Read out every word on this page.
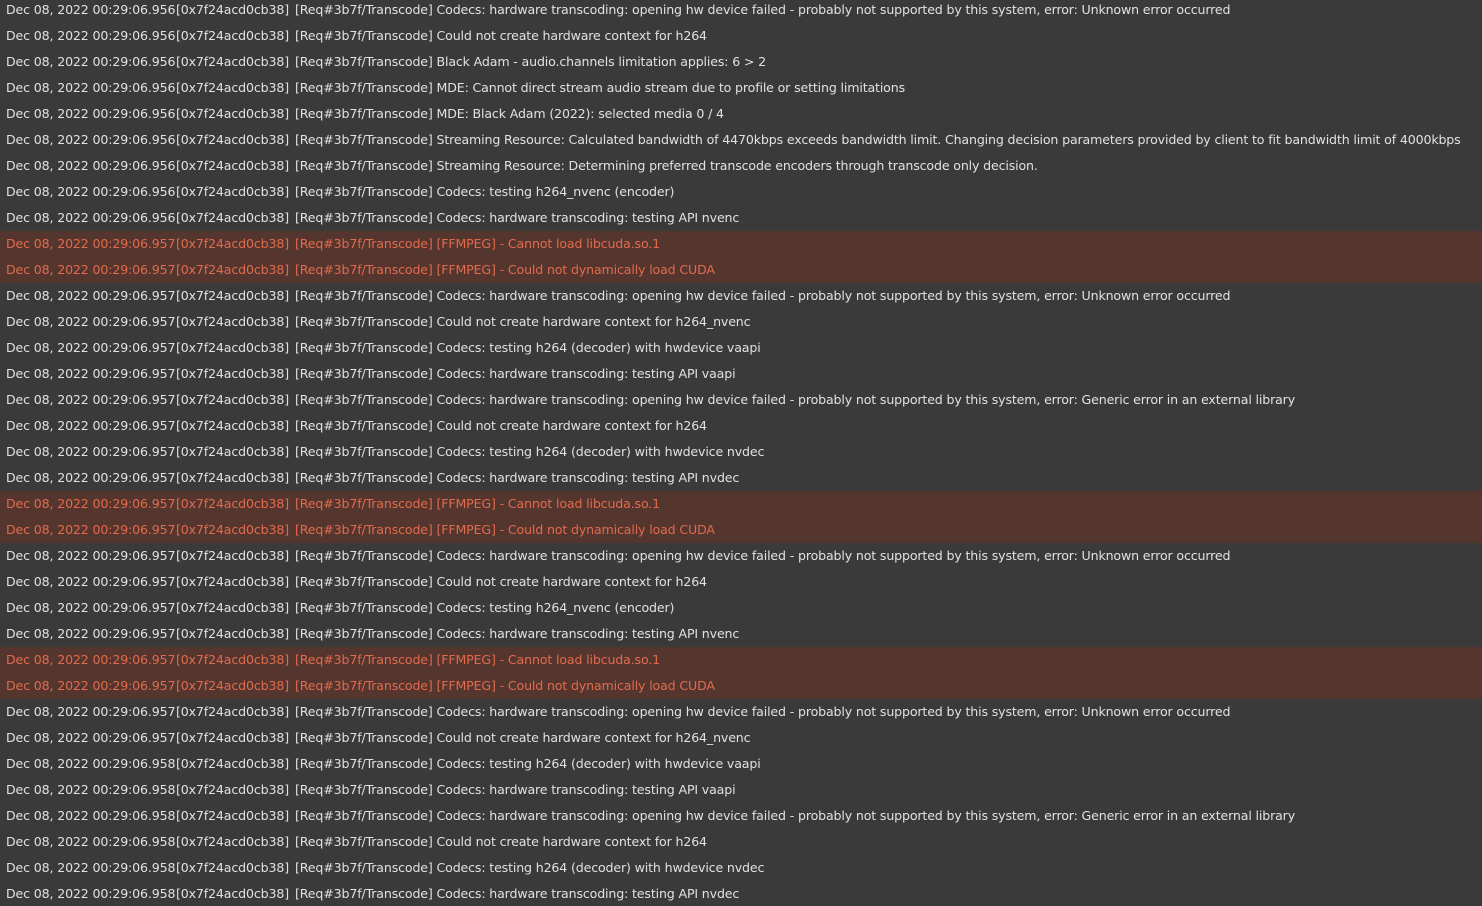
Dec 08, 2022 00:29:06.956 [0x7f24acd0cb38] [Req#3b7f/Transcode] Codecs: hardware transcoding: opening hw device failed - probably not supported by this system, error: Unknown error occurred
Dec 08, 2022 00:29:06.956 [0x7f24acd0cb38] [Req#3b7f/Transcode] Could not create hardware context for h264
Dec 08, 2022 00:29:06.956 [0x7f24acd0cb38] [Req#3b7f/Transcode] Black Adam - audio.channels limitation applies: 6 > 2
Dec 08, 2022 00:29:06.956 [0x7f24acd0cb38] [Req#3b7f/Transcode] MDE: Cannot direct stream audio stream due to profile or setting limitations
Dec 08, 2022 00:29:06.956 [0x7f24acd0cb38] [Req#3b7f/Transcode] MDE: Black Adam (2022): selected media 0 / 4
Dec 08, 2022 00:29:06.956 [0x7f24acd0cb38] [Req#3b7f/Transcode] Streaming Resource: Calculated bandwidth of 4470kbps exceeds bandwidth limit. Changing decision parameters provided by client to fit bandwidth limit of 4000kbps
Dec 08, 2022 00:29:06.956 [0x7f24acd0cb38] [Req#3b7f/Transcode] Streaming Resource: Determining preferred transcode encoders through transcode only decision.
Dec 08, 2022 00:29:06.956 [0x7f24acd0cb38] [Req#3b7f/Transcode] Codecs: testing h264_nvenc (encoder)
Dec 08, 2022 00:29:06.956 [0x7f24acd0cb38] [Req#3b7f/Transcode] Codecs: hardware transcoding: testing API nvenc
Dec 08, 2022 00:29:06.957 [0x7f24acd0cb38] [Req#3b7f/Transcode] [FFMPEG] - Cannot load libcuda.so.1
Dec 08, 2022 00:29:06.957 [0x7f24acd0cb38] [Req#3b7f/Transcode] [FFMPEG] - Could not dynamically load CUDA
Dec 08, 2022 00:29:06.957 [0x7f24acd0cb38] [Req#3b7f/Transcode] Codecs: hardware transcoding: opening hw device failed - probably not supported by this system, error: Unknown error occurred
Dec 08, 2022 00:29:06.957 [0x7f24acd0cb38] [Req#3b7f/Transcode] Could not create hardware context for h264_nvenc
Dec 08, 2022 00:29:06.957 [0x7f24acd0cb38] [Req#3b7f/Transcode] Codecs: testing h264 (decoder) with hwdevice vaapi
Dec 08, 2022 00:29:06.957 [0x7f24acd0cb38] [Req#3b7f/Transcode] Codecs: hardware transcoding: testing API vaapi
Dec 08, 2022 00:29:06.957 [0x7f24acd0cb38] [Req#3b7f/Transcode] Codecs: hardware transcoding: opening hw device failed - probably not supported by this system, error: Generic error in an external library
Dec 08, 2022 00:29:06.957 [0x7f24acd0cb38] [Req#3b7f/Transcode] Could not create hardware context for h264
Dec 08, 2022 00:29:06.957 [0x7f24acd0cb38] [Req#3b7f/Transcode] Codecs: testing h264 (decoder) with hwdevice nvdec
Dec 08, 2022 00:29:06.957 [0x7f24acd0cb38] [Req#3b7f/Transcode] Codecs: hardware transcoding: testing API nvdec
Dec 08, 2022 00:29:06.957 [0x7f24acd0cb38] [Req#3b7f/Transcode] [FFMPEG] - Cannot load libcuda.so.1
Dec 08, 2022 00:29:06.957 [0x7f24acd0cb38] [Req#3b7f/Transcode] [FFMPEG] - Could not dynamically load CUDA
Dec 08, 2022 00:29:06.957 [0x7f24acd0cb38] [Req#3b7f/Transcode] Codecs: hardware transcoding: opening hw device failed - probably not supported by this system, error: Unknown error occurred
Dec 08, 2022 00:29:06.957 [0x7f24acd0cb38] [Req#3b7f/Transcode] Could not create hardware context for h264
Dec 08, 2022 00:29:06.957 [0x7f24acd0cb38] [Req#3b7f/Transcode] Codecs: testing h264_nvenc (encoder)
Dec 08, 2022 00:29:06.957 [0x7f24acd0cb38] [Req#3b7f/Transcode] Codecs: hardware transcoding: testing API nvenc
Dec 08, 2022 00:29:06.957 [0x7f24acd0cb38] [Req#3b7f/Transcode] [FFMPEG] - Cannot load libcuda.so.1
Dec 08, 2022 00:29:06.957 [0x7f24acd0cb38] [Req#3b7f/Transcode] [FFMPEG] - Could not dynamically load CUDA
Dec 08, 2022 00:29:06.957 [0x7f24acd0cb38] [Req#3b7f/Transcode] Codecs: hardware transcoding: opening hw device failed - probably not supported by this system, error: Unknown error occurred
Dec 08, 2022 00:29:06.957 [0x7f24acd0cb38] [Req#3b7f/Transcode] Could not create hardware context for h264_nvenc
Dec 08, 2022 00:29:06.958 [0x7f24acd0cb38] [Req#3b7f/Transcode] Codecs: testing h264 (decoder) with hwdevice vaapi
Dec 08, 2022 00:29:06.958 [0x7f24acd0cb38] [Req#3b7f/Transcode] Codecs: hardware transcoding: testing API vaapi
Dec 08, 2022 00:29:06.958 [0x7f24acd0cb38] [Req#3b7f/Transcode] Codecs: hardware transcoding: opening hw device failed - probably not supported by this system, error: Generic error in an external library
Dec 08, 2022 00:29:06.958 [0x7f24acd0cb38] [Req#3b7f/Transcode] Could not create hardware context for h264
Dec 08, 2022 00:29:06.958 [0x7f24acd0cb38] [Req#3b7f/Transcode] Codecs: testing h264 (decoder) with hwdevice nvdec
Dec 08, 2022 00:29:06.958 [0x7f24acd0cb38] [Req#3b7f/Transcode] Codecs: hardware transcoding: testing API nvdec
